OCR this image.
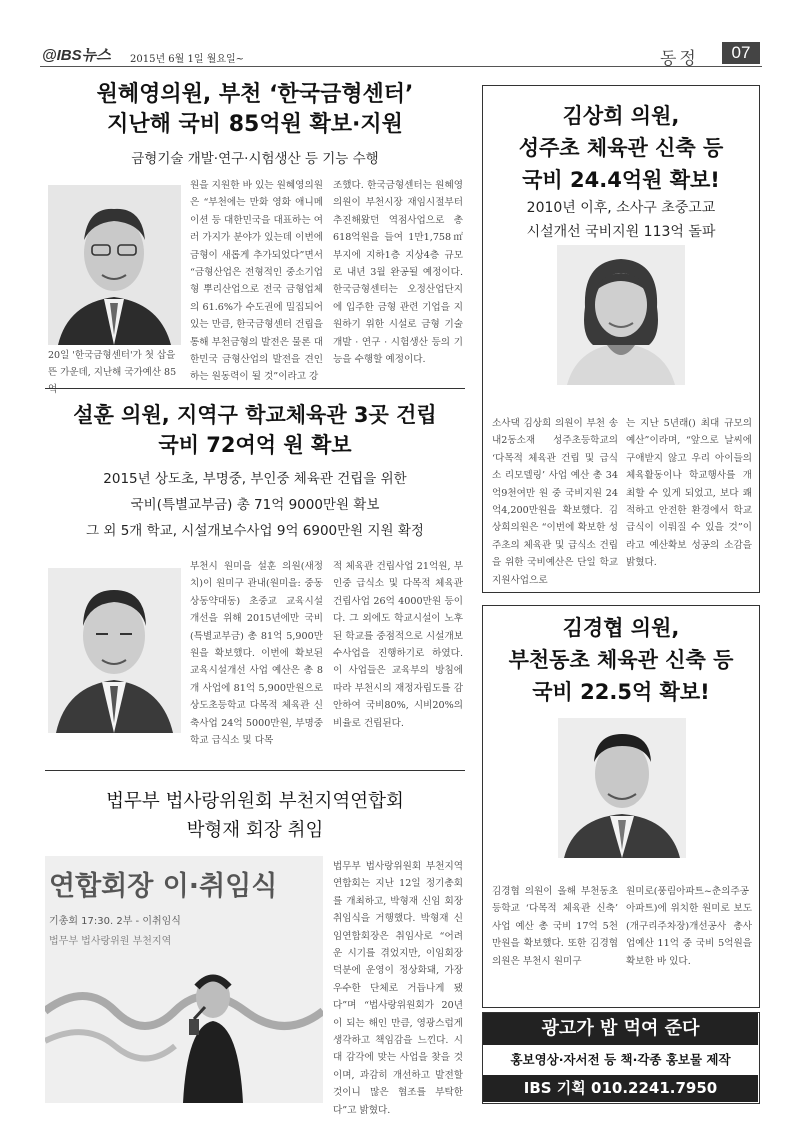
@IBS뉴스 2015년 6월 1일 월요일~	동정	07
원혜영의원, 부천 ‘한국금형센터’
지난해 국비 85억원 확보·지원
금형기술 개발·연구·시험생산 등 기능 수행
20일 '한국금형센터'가 첫 삽을 뜬 가운데, 지난해 국가예산 85억
원을 지원한 바 있는 원혜영의원은 “부천에는 만화 영화 애니메이션 등 대한민국을 대표하는 여러 가지가 분야가 있는데 이번에 금형이 새롭게 추가되었다”면서 “금형산업은 전형적인 중소기업형 뿌리산업으로 전국 금형업체의 61.6%가 수도권에 밀집되어 있는 만큼, 한국금형센터 건립을 통해 부천금형의 발전은 물론 대한민국 금형산업의 발전을 견인하는 원동력이 될 것”이라고 강
조했다. 한국금형센터는 원혜영의원이 부천시장 재임시절부터 추진해왔던 역점사업으로 총 618억원을 들여 1만1,758㎡ 부지에 지하1층 지상4층 규모로 내년 3월 완공될 예정이다. 한국금형센터는 오정산업단지에 입주한 금형 관련 기업을 지원하기 위한 시설로 금형 기술개발 · 연구 · 시험생산 등의 기능을 수행할 예정이다.
설훈 의원, 지역구 학교체육관 3곳 건립
국비 72여억 원 확보
2015년 상도초, 부명중, 부인중 체육관 건립을 위한
국비(특별교부금) 총 71억 9000만원 확보
그 외 5개 학교, 시설개보수사업 9억 6900만원 지원 확정
부천시 원미을 설훈 의원(새정치)이 원미구 관내(원미을: 중동상동약대동) 초중교 교육시설 개선을 위해 2015년에만 국비(특별교부금) 총 81억 5,900만원을 확보했다. 이번에 확보된 교육시설개선 사업 예산은 총 8개 사업에 81억 5,900만원으로 상도초등학교 다목적 체육관 신축사업 24억 5000만원, 부명중학교 급식소 및 다목
적 체육관 건립사업 21억원, 부인중 급식소 및 다목적 체육관 건립사업 26억 4000만원 등이다. 그 외에도 학교시설이 노후 된 학교를 중점적으로 시설개보수사업을 진행하기로 하였다. 이 사업들은 교육부의 방침에 따라 부천시의 재정자립도를 감안하여 국비80%, 시비20%의 비율로 건립된다.
법무부 법사랑위원회 부천지역연합회
박형재 회장 취임
연합회장 이·취임식
기총회 17:30. 2부 - 이취임식
법무부 법사랑위원 부천지역
법무부 법사랑위원회 부천지역연합회는 지난 12일 정기총회를 개최하고, 박형재 신임 회장 취임식을 거행했다. 박형재 신임연합회장은 취임사로 “어려운 시기를 겪었지만, 이임회장 덕분에 운영이 정상화돼, 가장 우수한 단체로 거듭나게 됐다”며 “법사랑위원회가 20년이 되는 해인 만큼, 영광스럽게 생각하고 책임감을 느낀다. 시대 감각에 맞는 사업을 찾을 것이며, 과감히 개선하고 발전할 것이니 많은 협조를 부탁한다”고 밝혔다.
김상희 의원,
성주초 체육관 신축 등
국비 24.4억원 확보!
2010년 이후, 소사구 초중고교
시설개선 국비지원 113억 돌파
소사댁 김상희 의원이 부천 송내2동소재 성주초등학교의 ‘다목적 체육관 건립 및 급식소 리모델링’ 사업 예산 총 34억9천여만 원 중 국비지원 24억4,200만원을 확보했다. 김상희의원은 “이번에 확보한 성주초의 체육관 및 급식소 건립을 위한 국비예산은 단일 학교 지원사업으로
는 지난 5년래() 최대 규모의 예산”이라며, “앞으로 날씨에 구애받지 않고 우리 아이들의 체육활동이나 학교행사를 개최할 수 있게 되었고, 보다 쾌적하고 안전한 환경에서 학교급식이 이뤄질 수 있을 것”이라고 예산확보 성공의 소감을 밝혔다.
김경협 의원,
부천동초 체육관 신축 등
국비 22.5억 확보!
김경협 의원이 올해 부천동초등학교 ‘다목적 체육관 신축’ 사업 예산 총 국비 17억 5천만원을 확보했다. 또한 김경협 의원은 부천시 원미구
원미로(풍림아파트~춘의주공아파트)에 위치한 원미로 보도(개구리주차장)개선공사 총사업예산 11억 중 국비 5억원을 확보한 바 있다.
광고가 밥 먹여 준다
홍보영상·자서전 등 책·각종 홍보물 제작
IBS 기획 010.2241.7950
